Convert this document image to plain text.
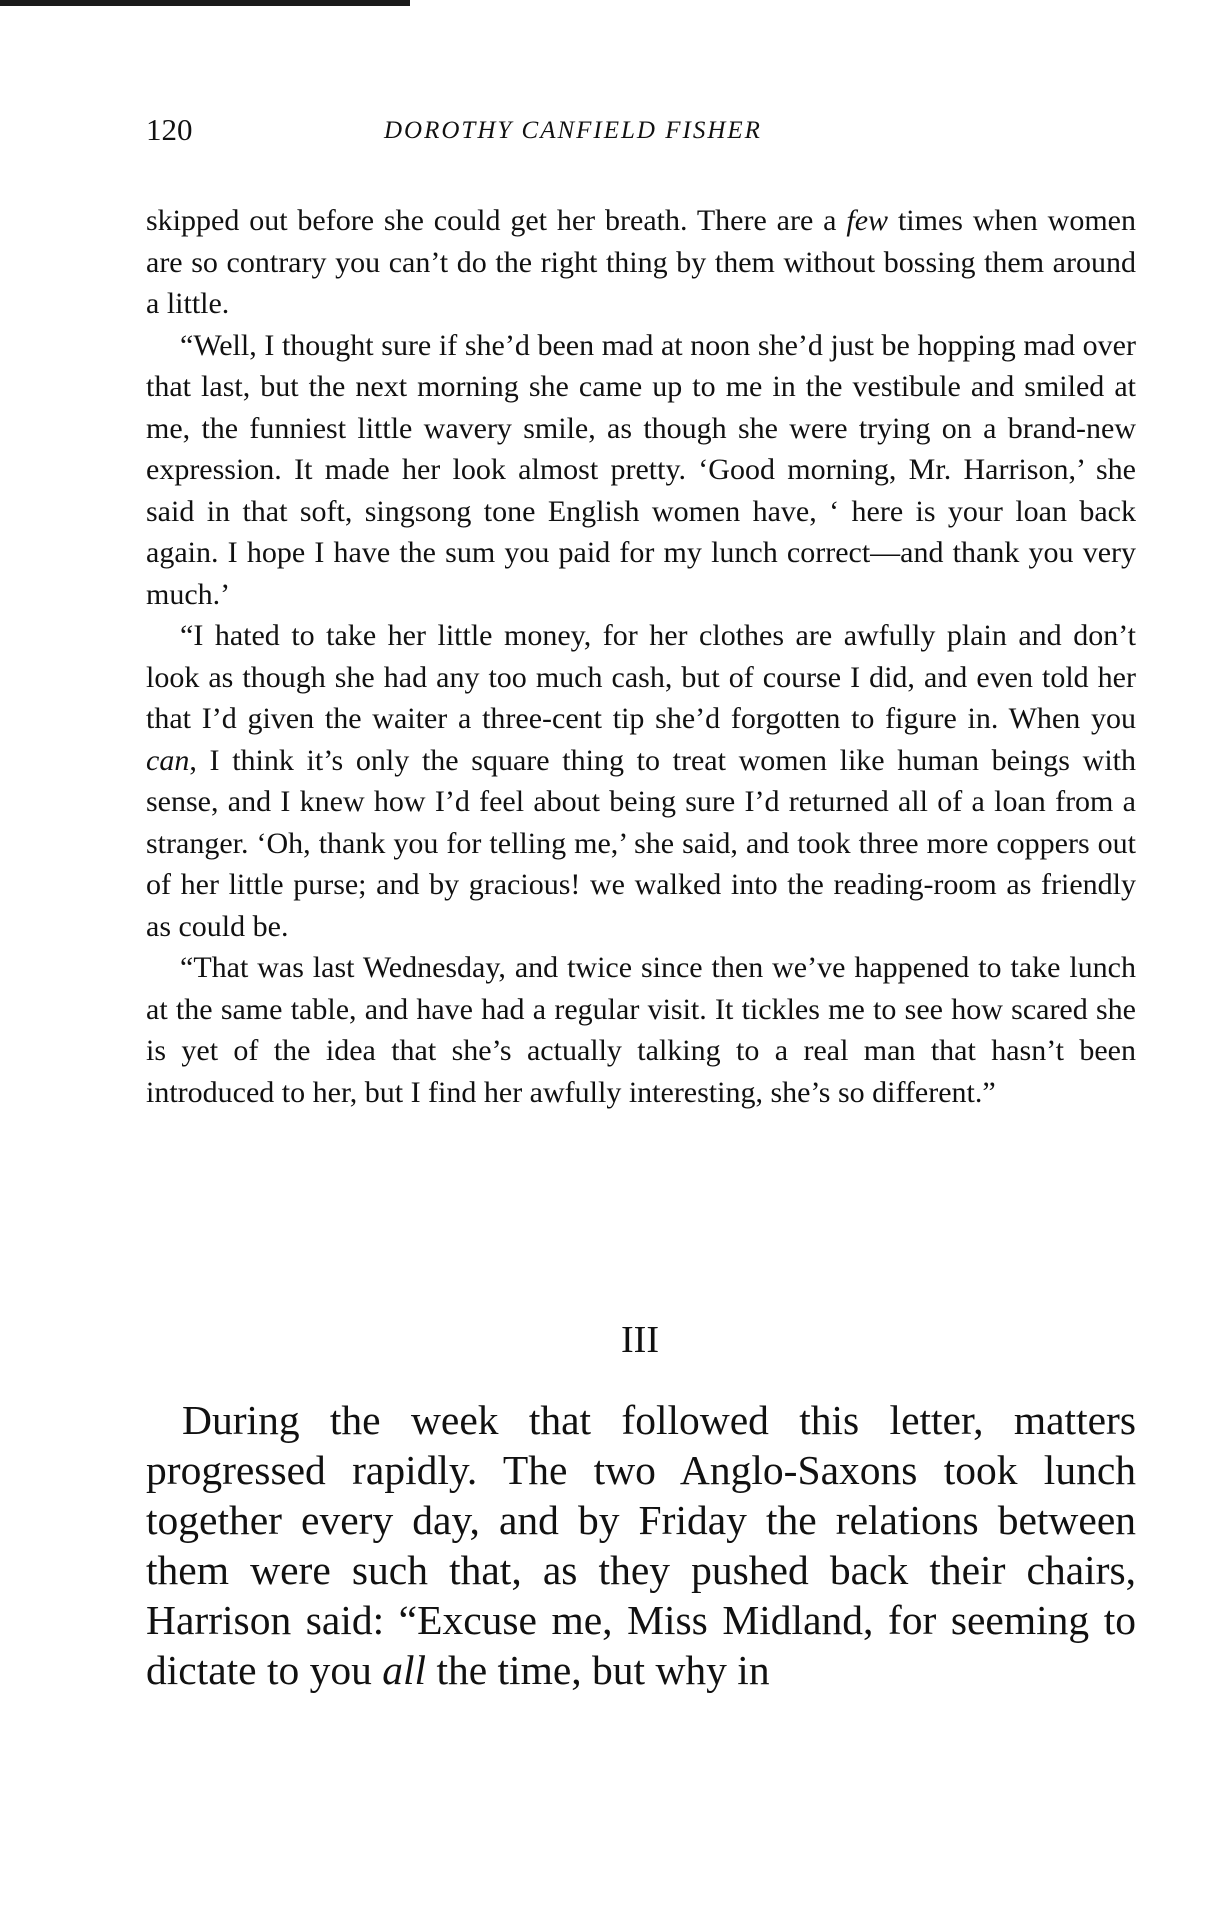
120	DOROTHY CANFIELD FISHER

skipped out before she could get her breath. There are a few times when women are so contrary you can’t do the right thing by them without bossing them around a little.

“Well, I thought sure if she’d been mad at noon she’d just be hopping mad over that last, but the next morning she came up to me in the vestibule and smiled at me, the funniest little wavery smile, as though she were trying on a brand-new expression. It made her look almost pretty. ‘Good morning, Mr. Harrison,’ she said in that soft, singsong tone English women have, ‘ here is your loan back again. I hope I have the sum you paid for my lunch correct—and thank you very much.’

“I hated to take her little money, for her clothes are awfully plain and don’t look as though she had any too much cash, but of course I did, and even told her that I’d given the waiter a three-cent tip she’d forgotten to figure in. When you can, I think it’s only the square thing to treat women like human beings with sense, and I knew how I’d feel about being sure I’d returned all of a loan from a stranger. ‘Oh, thank you for telling me,’ she said, and took three more coppers out of her little purse; and by gracious! we walked into the reading-room as friendly as could be.

“That was last Wednesday, and twice since then we’ve happened to take lunch at the same table, and have had a regular visit. It tickles me to see how scared she is yet of the idea that she’s actually talking to a real man that hasn’t been introduced to her, but I find her awfully interesting, she’s so different.”

III

During the week that followed this letter, matters progressed rapidly. The two Anglo-Saxons took lunch together every day, and by Friday the relations between them were such that, as they pushed back their chairs, Harrison said: “Excuse me, Miss Midland, for seeming to dictate to you all the time, but why in
